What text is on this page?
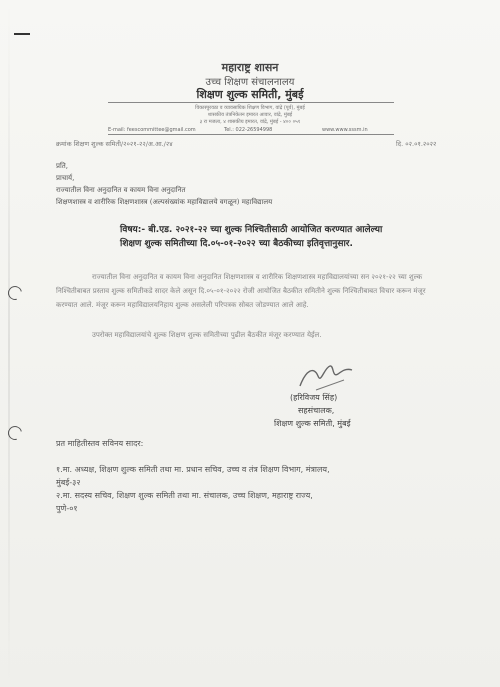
महाराष्ट्र शासन
उच्च शिक्षण संचालनालय
शिक्षण शुल्क समिती, मुंबई
विकास्पुरवठा व व्यावसायिक शिक्षण विभाग, वांद्रे (पूर्व), मुंबई
शासकीय तंत्रनिकेतन इमारत आवार, वांद्रे, मुंबई
३ रा मजला, ४ शासकीय इमारत, वांद्रे, मुंबई - ४०० ०५१
E-mail: feescommittee@gmail.com	Tel.: 022-26594998	www.www.sssm.in
क्रमांक शिक्षण शुल्क समिती/२०२१-२२/अ.आ./२४	दि. ०२.०१.२०२२
प्रति,
प्राचार्य,
राज्यातील विना अनुदानित व कायम विना अनुदानित
शिक्षणशास्त्र व शारीरिक शिक्षणशास्त्र (अल्पसंख्यांक महाविद्यालये वगळून) महाविद्यालय
विषय:- बी.एड. २०२१-२२ च्या शुल्क निश्चितीसाठी आयोजित करण्यात आलेल्या
शिक्षण शुल्क समितीच्या दि.०५-०१-२०२२ च्या बैठकीच्या इतिवृत्तानुसार.
राज्यातील विना अनुदानित व कायम विना अनुदानित शिक्षणशास्त्र व शारीरिक शिक्षणशास्त्र महाविद्यालयांच्या सन २०२१-२२ च्या शुल्क निश्चितीबाबत प्रस्ताव शुल्क समितीकडे सादर केले असून दि.०५-०१-२०२२ रोजी आयोजित बैठकीत समितीने शुल्क निश्चितीबाबत विचार करून मंजूर करण्यात आले. मंजूर करून महाविद्यालयनिहाय शुल्क असलेली परिपत्रक सोबत जोडण्यात आले आहे.
उपरोक्त महाविद्यालयांचे शुल्क शिक्षण शुल्क समितीच्या पुढील बैठकीत मंजूर करण्यात येईल.
(हरिविजय सिंह)
सहसंचालक,
शिक्षण शुल्क समिती, मुंबई
प्रत माहितीस्तव सविनय सादर:
१.मा. अध्यक्ष, शिक्षण शुल्क समिती तथा मा. प्रधान सचिव, उच्च व तंत्र शिक्षण विभाग, मंत्रालय,
मुंबई-३२
२.मा. सदस्य सचिव, शिक्षण शुल्क समिती तथा मा. संचालक, उच्च शिक्षण, महाराष्ट्र राज्य,
पुणे-०१
